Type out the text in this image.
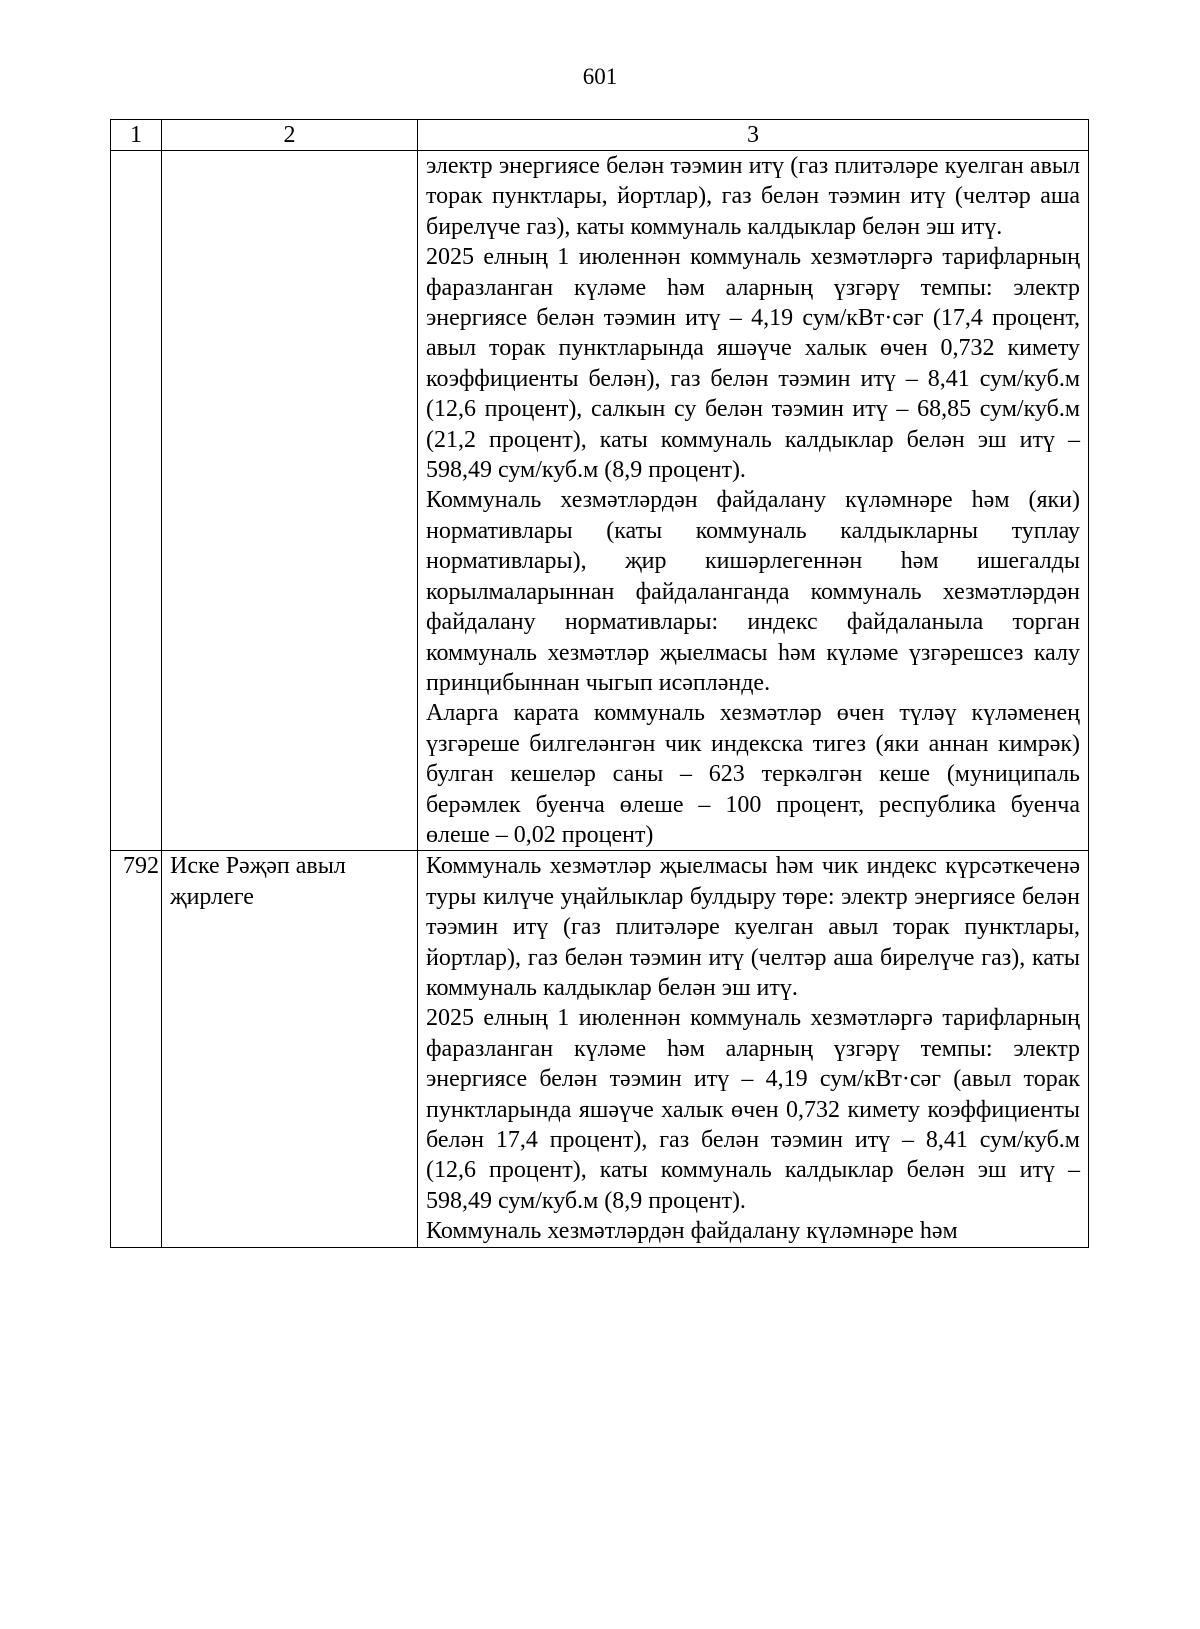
601
1	2	3

		электр энергиясе белән тәэмин итү (газ плитәләре куелган авыл торак пунктлары, йортлар), газ белән тәэмин итү (челтәр аша бирелүче газ), каты коммуналь калдыклар белән эш итү.
2025 елның 1 июленнән коммуналь хезмәтләргә тарифларның фаразланган күләме һәм аларның үзгәрү темпы: электр энергиясе белән тәэмин итү – 4,19 сум/кВт·сәг (17,4 процент, авыл торак пунктларында яшәүче халык өчен 0,732 кимету коэффициенты белән), газ белән тәэмин итү – 8,41 сум/куб.м (12,6 процент), салкын су белән тәэмин итү – 68,85 сум/куб.м (21,2 процент), каты коммуналь калдыклар белән эш итү – 598,49 сум/куб.м (8,9 процент).
Коммуналь хезмәтләрдән файдалану күләмнәре һәм (яки) нормативлары (каты коммуналь калдыкларны туплау нормативлары), җир кишәрлегеннән һәм ишегалды корылмаларыннан файдаланганда коммуналь хезмәтләрдән файдалану нормативлары: индекс файдаланыла торган коммуналь хезмәтләр җыелмасы һәм күләме үзгәрешсез калу принцибыннан чыгып исәпләнде.
Аларга карата коммуналь хезмәтләр өчен түләү күләменең үзгәреше билгеләнгән чик индекска тигез (яки аннан кимрәк) булган кешеләр саны – 623 теркәлгән кеше (муниципаль берәмлек буенча өлеше – 100 процент, республика буенча өлеше – 0,02 процент)

792	Иске Рәҗәп авыл җирлеге	Коммуналь хезмәтләр җыелмасы һәм чик индекс күрсәткеченә туры килүче уңайлыклар булдыру төре: электр энергиясе белән тәэмин итү (газ плитәләре куелган авыл торак пунктлары, йортлар), газ белән тәэмин итү (челтәр аша бирелүче газ), каты коммуналь калдыклар белән эш итү.
2025 елның 1 июленнән коммуналь хезмәтләргә тарифларның фаразланган күләме һәм аларның үзгәрү темпы: электр энергиясе белән тәэмин итү – 4,19 сум/кВт·сәг (авыл торак пунктларында яшәүче халык өчен 0,732 кимету коэффициенты белән 17,4 процент), газ белән тәэмин итү – 8,41 сум/куб.м (12,6 процент), каты коммуналь калдыклар белән эш итү – 598,49 сум/куб.м (8,9 процент).
Коммуналь хезмәтләрдән файдалану күләмнәре һәм
